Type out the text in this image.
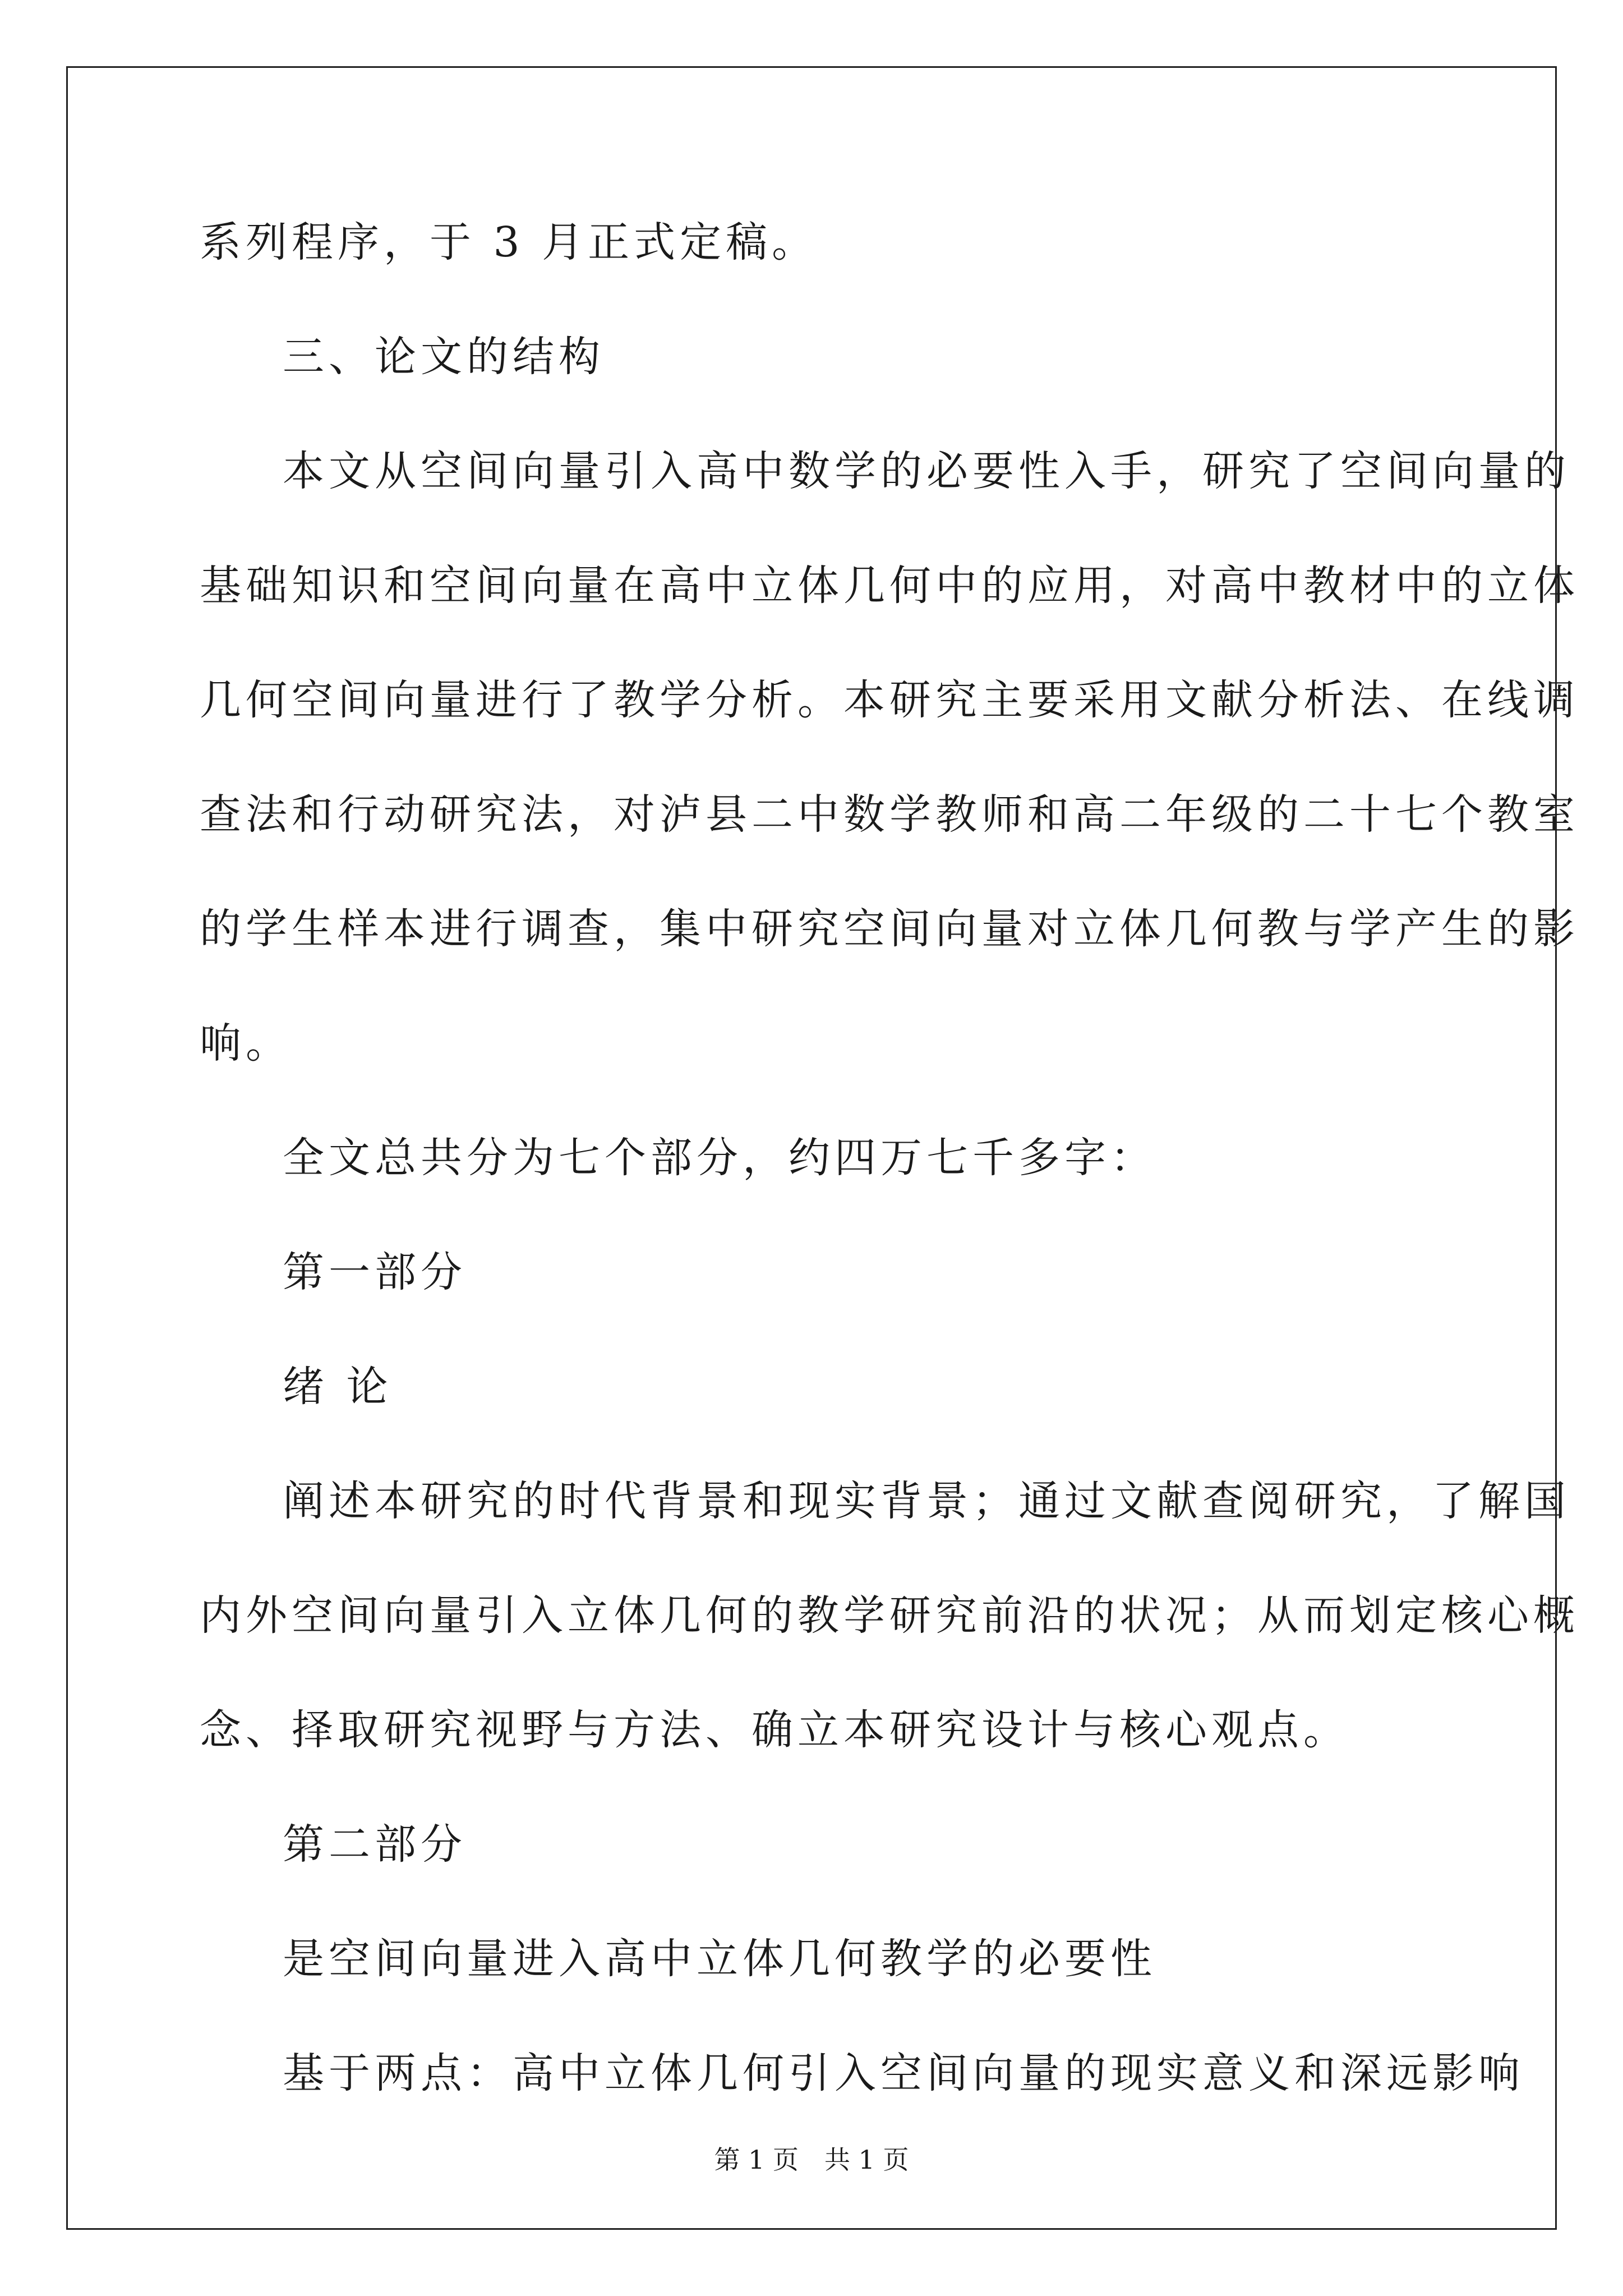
系列程序，于 3 月正式定稿。
三、论文的结构
本文从空间向量引入高中数学的必要性入手，研究了空间向量的
基础知识和空间向量在高中立体几何中的应用，对高中教材中的立体
几何空间向量进行了教学分析。本研究主要采用文献分析法、在线调
查法和行动研究法，对泸县二中数学教师和高二年级的二十七个教室
的学生样本进行调查，集中研究空间向量对立体几何教与学产生的影
响。
全文总共分为七个部分，约四万七千多字：
第一部分
绪 论
阐述本研究的时代背景和现实背景；通过文献查阅研究，了解国
内外空间向量引入立体几何的教学研究前沿的状况；从而划定核心概
念、择取研究视野与方法、确立本研究设计与核心观点。
第二部分
是空间向量进入高中立体几何教学的必要性
基于两点：高中立体几何引入空间向量的现实意义和深远影响
第 1 页 共 1 页
